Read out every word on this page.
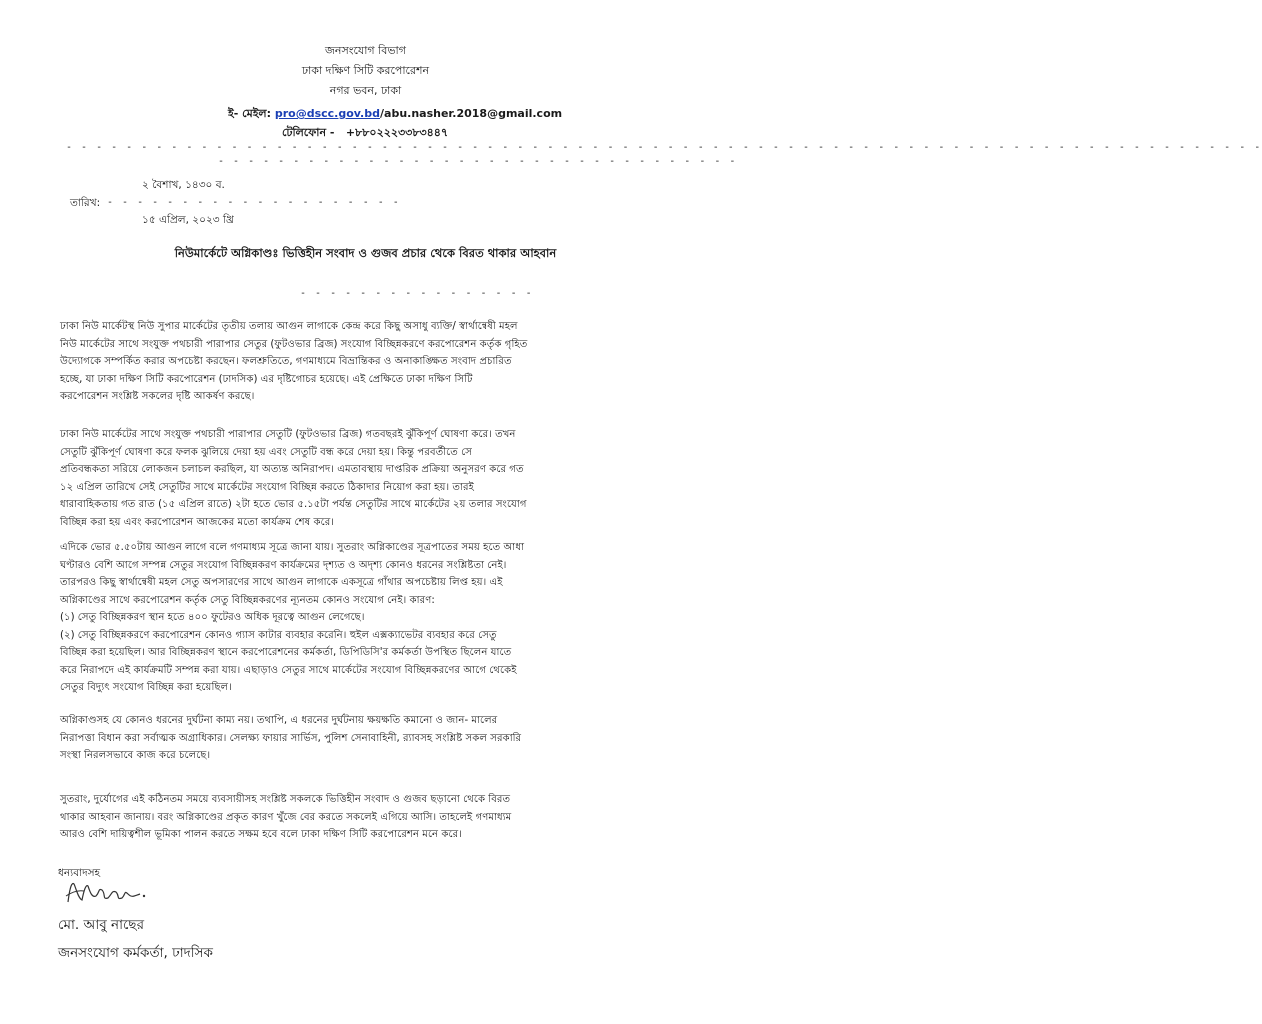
জনসংযোগ বিভাগ
ঢাকা দক্ষিণ সিটি করপোরেশন
নগর ভবন, ঢাকা
ই- মেইল: pro@dscc.gov.bd/abu.nasher.2018@gmail.com
টেলিফোন - +৮৮০২২২৩৩৮৩৪৪৭
- - - - - - - - - - - - - - - - - - - - - - - - - - - - - - - - - - - - - - - - - - - - - - - - - - - - - - - - - - - - - - - - - - - - - - - - - - - - - - - -
- - - - - - - - - - - - - - - - - - - - - - - - - - - - - - - - - - -
২ বৈশাখ, ১৪৩০ ব.
তারিখ: - - - - - - - - - - - - - - - - - - - -
১৫ এপ্রিল, ২০২৩ খ্রি
নিউমার্কেটে অগ্নিকাণ্ডঃ ভিত্তিহীন সংবাদ ও গুজব প্রচার থেকে বিরত থাকার আহবান
- - - - - - - - - - - - - - - -
ঢাকা নিউ মার্কেটস্থ নিউ সুপার মার্কেটের তৃতীয় তলায় আগুন লাগাকে কেন্দ্র করে কিছু অসাধু ব্যক্তি/ স্বার্থান্বেষী মহল
নিউ মার্কেটের সাথে সংযুক্ত পথচারী পারাপার সেতুর (ফুটওভার ব্রিজ) সংযোগ বিচ্ছিন্নকরণে করপোরেশন কর্তৃক গৃহিত
উদ্যোগকে সম্পর্কিত করার অপচেষ্টা করছেন। ফলশ্রুতিতে, গণমাধ্যমে বিভ্রান্তিকর ও অনাকাঙ্ক্ষিত সংবাদ প্রচারিত
হচ্ছে, যা ঢাকা দক্ষিণ সিটি করপোরেশন (ঢাদসিক) এর দৃষ্টিগোচর হয়েছে। এই প্রেক্ষিতে ঢাকা দক্ষিণ সিটি
করপোরেশন সংশ্লিষ্ট সকলের দৃষ্টি আকর্ষণ করছে।
ঢাকা নিউ মার্কেটের সাথে সংযুক্ত পথচারী পারাপার সেতুটি (ফুটওভার ব্রিজ) গতবছরই ঝুঁকিপূর্ণ ঘোষণা করে। তখন
সেতুটি ঝুঁকিপূর্ণ ঘোষণা করে ফলক ঝুলিয়ে দেয়া হয় এবং সেতুটি বন্ধ করে দেয়া হয়। কিন্তু পরবর্তীতে সে
প্রতিবন্ধকতা সরিয়ে লোকজন চলাচল করছিল, যা অত্যন্ত অনিরাপদ। এমতাবস্থায় দাপ্তরিক প্রক্রিয়া অনুসরণ করে গত
১২ এপ্রিল তারিখে সেই সেতুটির সাথে মার্কেটের সংযোগ বিচ্ছিন্ন করতে ঠিকাদার নিয়োগ করা হয়। তারই
ধারাবাহিকতায় গত রাত (১৫ এপ্রিল রাতে) ২টা হতে ভোর ৫.১৫টা পর্যন্ত সেতুটির সাথে মার্কেটের ২য় তলার সংযোগ
বিচ্ছিন্ন করা হয় এবং করপোরেশন আজকের মতো কার্যক্রম শেষ করে।
এদিকে ভোর ৫.৫০টায় আগুন লাগে বলে গণমাধ্যম সূত্রে জানা যায়। সুতরাং অগ্নিকাণ্ডের সূত্রপাতের সময় হতে আধা
ঘণ্টারও বেশি আগে সম্পন্ন সেতুর সংযোগ বিচ্ছিন্নকরণ কার্যক্রমের দৃশ্যত ও অদৃশ্য কোনও ধরনের সংশ্লিষ্টতা নেই।
তারপরও কিছু স্বার্থান্বেষী মহল সেতু অপসারণের সাথে আগুন লাগাকে একসূত্রে গাঁথার অপচেষ্টায় লিপ্ত হয়। এই
অগ্নিকাণ্ডের সাথে করপোরেশন কর্তৃক সেতু বিচ্ছিন্নকরণের ন্যূনতম কোনও সংযোগ নেই। কারণ:
(১) সেতু বিচ্ছিন্নকরণ স্থান হতে ৪০০ ফুটেরও অধিক দূরত্বে আগুন লেগেছে।
(২) সেতু বিচ্ছিন্নকরণে করপোরেশন কোনও গ্যাস কাটার ব্যবহার করেনি। হুইল এক্সক্যাভেটর ব্যবহার করে সেতু
বিচ্ছিন্ন করা হয়েছিল। আর বিচ্ছিন্নকরণ স্থানে করপোরেশনের কর্মকর্তা, ডিপিডিসি'র কর্মকর্তা উপস্থিত ছিলেন যাতে
করে নিরাপদে এই কার্যক্রমটি সম্পন্ন করা যায়। এছাড়াও সেতুর সাথে মার্কেটের সংযোগ বিচ্ছিন্নকরণের আগে থেকেই
সেতুর বিদ্যুৎ সংযোগ বিচ্ছিন্ন করা হয়েছিল।
অগ্নিকাণ্ডসহ যে কোনও ধরনের দুর্ঘটনা কাম্য নয়। তথাপি, এ ধরনের দুর্ঘটনায় ক্ষয়ক্ষতি কমানো ও জান- মালের
নিরাপত্তা বিধান করা সর্বাত্মক অগ্রাধিকার। সেলক্ষ্য ফায়ার সার্ভিস, পুলিশ সেনাবাহিনী, র‌্যাবসহ সংশ্লিষ্ট সকল সরকারি
সংস্থা নিরলসভাবে কাজ করে চলেছে।
সুতরাং, দুর্যোগের এই কঠিনতম সময়ে ব্যবসায়ীসহ সংশ্লিষ্ট সকলকে ভিত্তিহীন সংবাদ ও গুজব ছড়ানো থেকে বিরত
থাকার আহবান জানায়। বরং অগ্নিকাণ্ডের প্রকৃত কারণ খুঁজে বের করতে সকলেই এগিয়ে আসি। তাহলেই গণমাধ্যম
আরও বেশি দায়িত্বশীল ভূমিকা পালন করতে সক্ষম হবে বলে ঢাকা দক্ষিণ সিটি করপোরেশন মনে করে।
ধন্যবাদসহ
মো. আবু নাছের
জনসংযোগ কর্মকর্তা, ঢাদসিক
